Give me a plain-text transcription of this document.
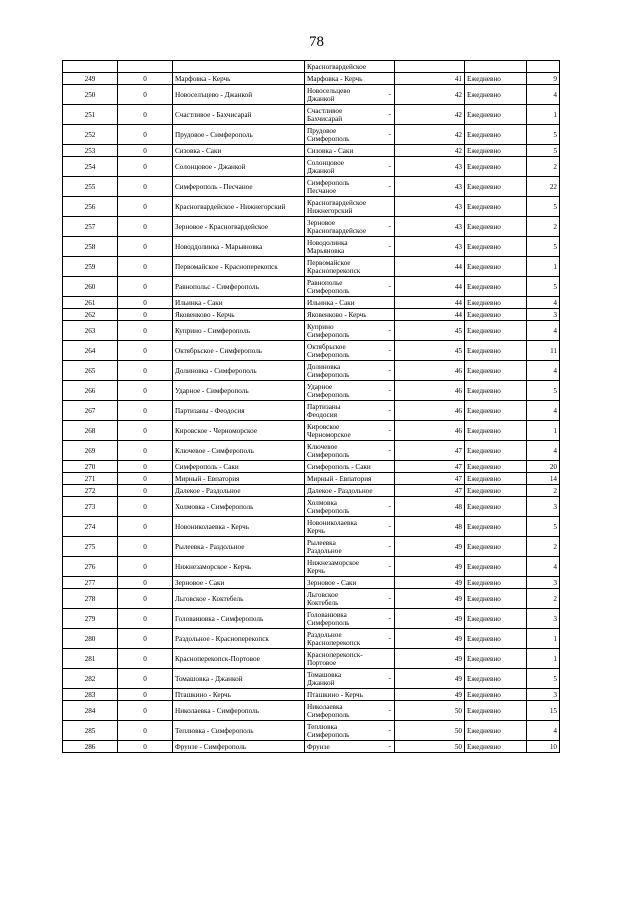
78

			Красногвардейское			

249	0	Марфовка - Керчь	Марфовка - Керчь	41	Ежедневно	9
250	0	Новоселъцево - Джанкой	Новосельцево
Джанкой
-	42	Ежедневно	4
251	0	Счастливое - Бахчисарай	Счастливое
Бахчисарай
-	42	Ежедневно	1
252	0	Прудовое - Симферополь	Прудовое
Симферополь
-	42	Ежедневно	5
253	0	Сизовка - Саки	Сизовка - Саки	42	Ежедневно	5
254	0	Солонцовое - Джанкой	Солонцовое
Джанкой
-	43	Ежедневно	2
255	0	Симферополь - Песчаное	Симферополь
Песчаное
-	43	Ежедневно	22
256	0	Красногвардейское - Нижнегорский	Красногвардейское
Нижнегорский	43	Ежедневно	5
257	0	Зерновое - Красногвардейское	Зерновое
Красногвардейское
-	43	Ежедневно	2
258	0	Новоддолинка - Марьяновка	Новодолинка
Марьяновка
-	43	Ежедневно	5
259	0	Первомайское - Красноперекопск	Первомайское
Красноперекопск	44	Ежедневно	1
260	0	Равнопольс - Симферополь	Равнополье
Симферополь
-	44	Ежедневно	5
261	0	Ильинка - Саки	Ильинка - Саки	44	Ежедневно	4
262	0	Яковенково - Керчь	Яковенково - Керчь	44	Ежедневно	3
263	0	Куприно - Симферополь	Куприно
Симферополь
-	45	Ежедневно	4
264	0	Октябрьское - Симферополь	Октябрьское
Симферополь
-	45	Ежедневно	11
265	0	Долиновка - Симферополь	Долиновка
Симферополь
-	46	Ежедневно	4
266	0	Ударное - Симферополь	Ударное
Симферополь
-	46	Ежедневно	5
267	0	Партизаны - Феодосия	Партизаны
Феодосия
-	46	Ежедневно	4
268	0	Кировское - Черноморское	Кировское
Черноморское
-	46	Ежедневно	1
269	0	Ключевое - Симферополь	Ключевое
Симферополь
-	47	Ежедневно	4
270	0	Симферополь - Саки	Симферополь - Саки	47	Ежедневно	20
271	0	Мирный - Евпатория	Мирный - Евпатория	47	Ежедневно	14
272	0	Далекое - Раздольное	Далекое - Раздольное	47	Ежедневно	2
273	0	Холмовка - Симферополь	Холмовка
Симферополь
-	48	Ежедневно	3
274	0	Новониколаевка - Керчь	Новониколаевка
Керчь
-	48	Ежедневно	5
275	0	Рылеевка - Раздольное	Рылеевка
Раздольное
-	49	Ежедневно	2
276	0	Нижнезаморское - Керчь	Нижнезаморское
Керчь
-	49	Ежедневно	4
277	0	Зерновое - Саки	Зерновое - Саки	49	Ежедневно	3
278	0	Льговское - Коктебель	Льговское
Коктебель
-	49	Ежедневно	2
279	0	Голованювка - Симферополь	Голованювка
Симферополь
-	49	Ежедневно	3
280	0	Раздольное - Красноперекопск	Раздольное
Красноперекопск
-	49	Ежедневно	1
281	0	Красноперекопск-Портовое	Красноперекопск-
Портовое	49	Ежедневно	1
282	0	Томашовка - Джанкой	Томашовка
Джанкой
-	49	Ежедневно	5
283	0	Пташкино - Керчь	Пташкино - Керчь	49	Ежедневно	3
284	0	Николаевка - Симферополь	Николаевка
Симферополь
-	50	Ежедневно	15
285	0	Теплювка - Симферополь	Теплювка
Симферополь
-	50	Ежедневно	4
286	0	Фрунзе - Симферополь	Фрунзе -	50	Ежедневно	10
